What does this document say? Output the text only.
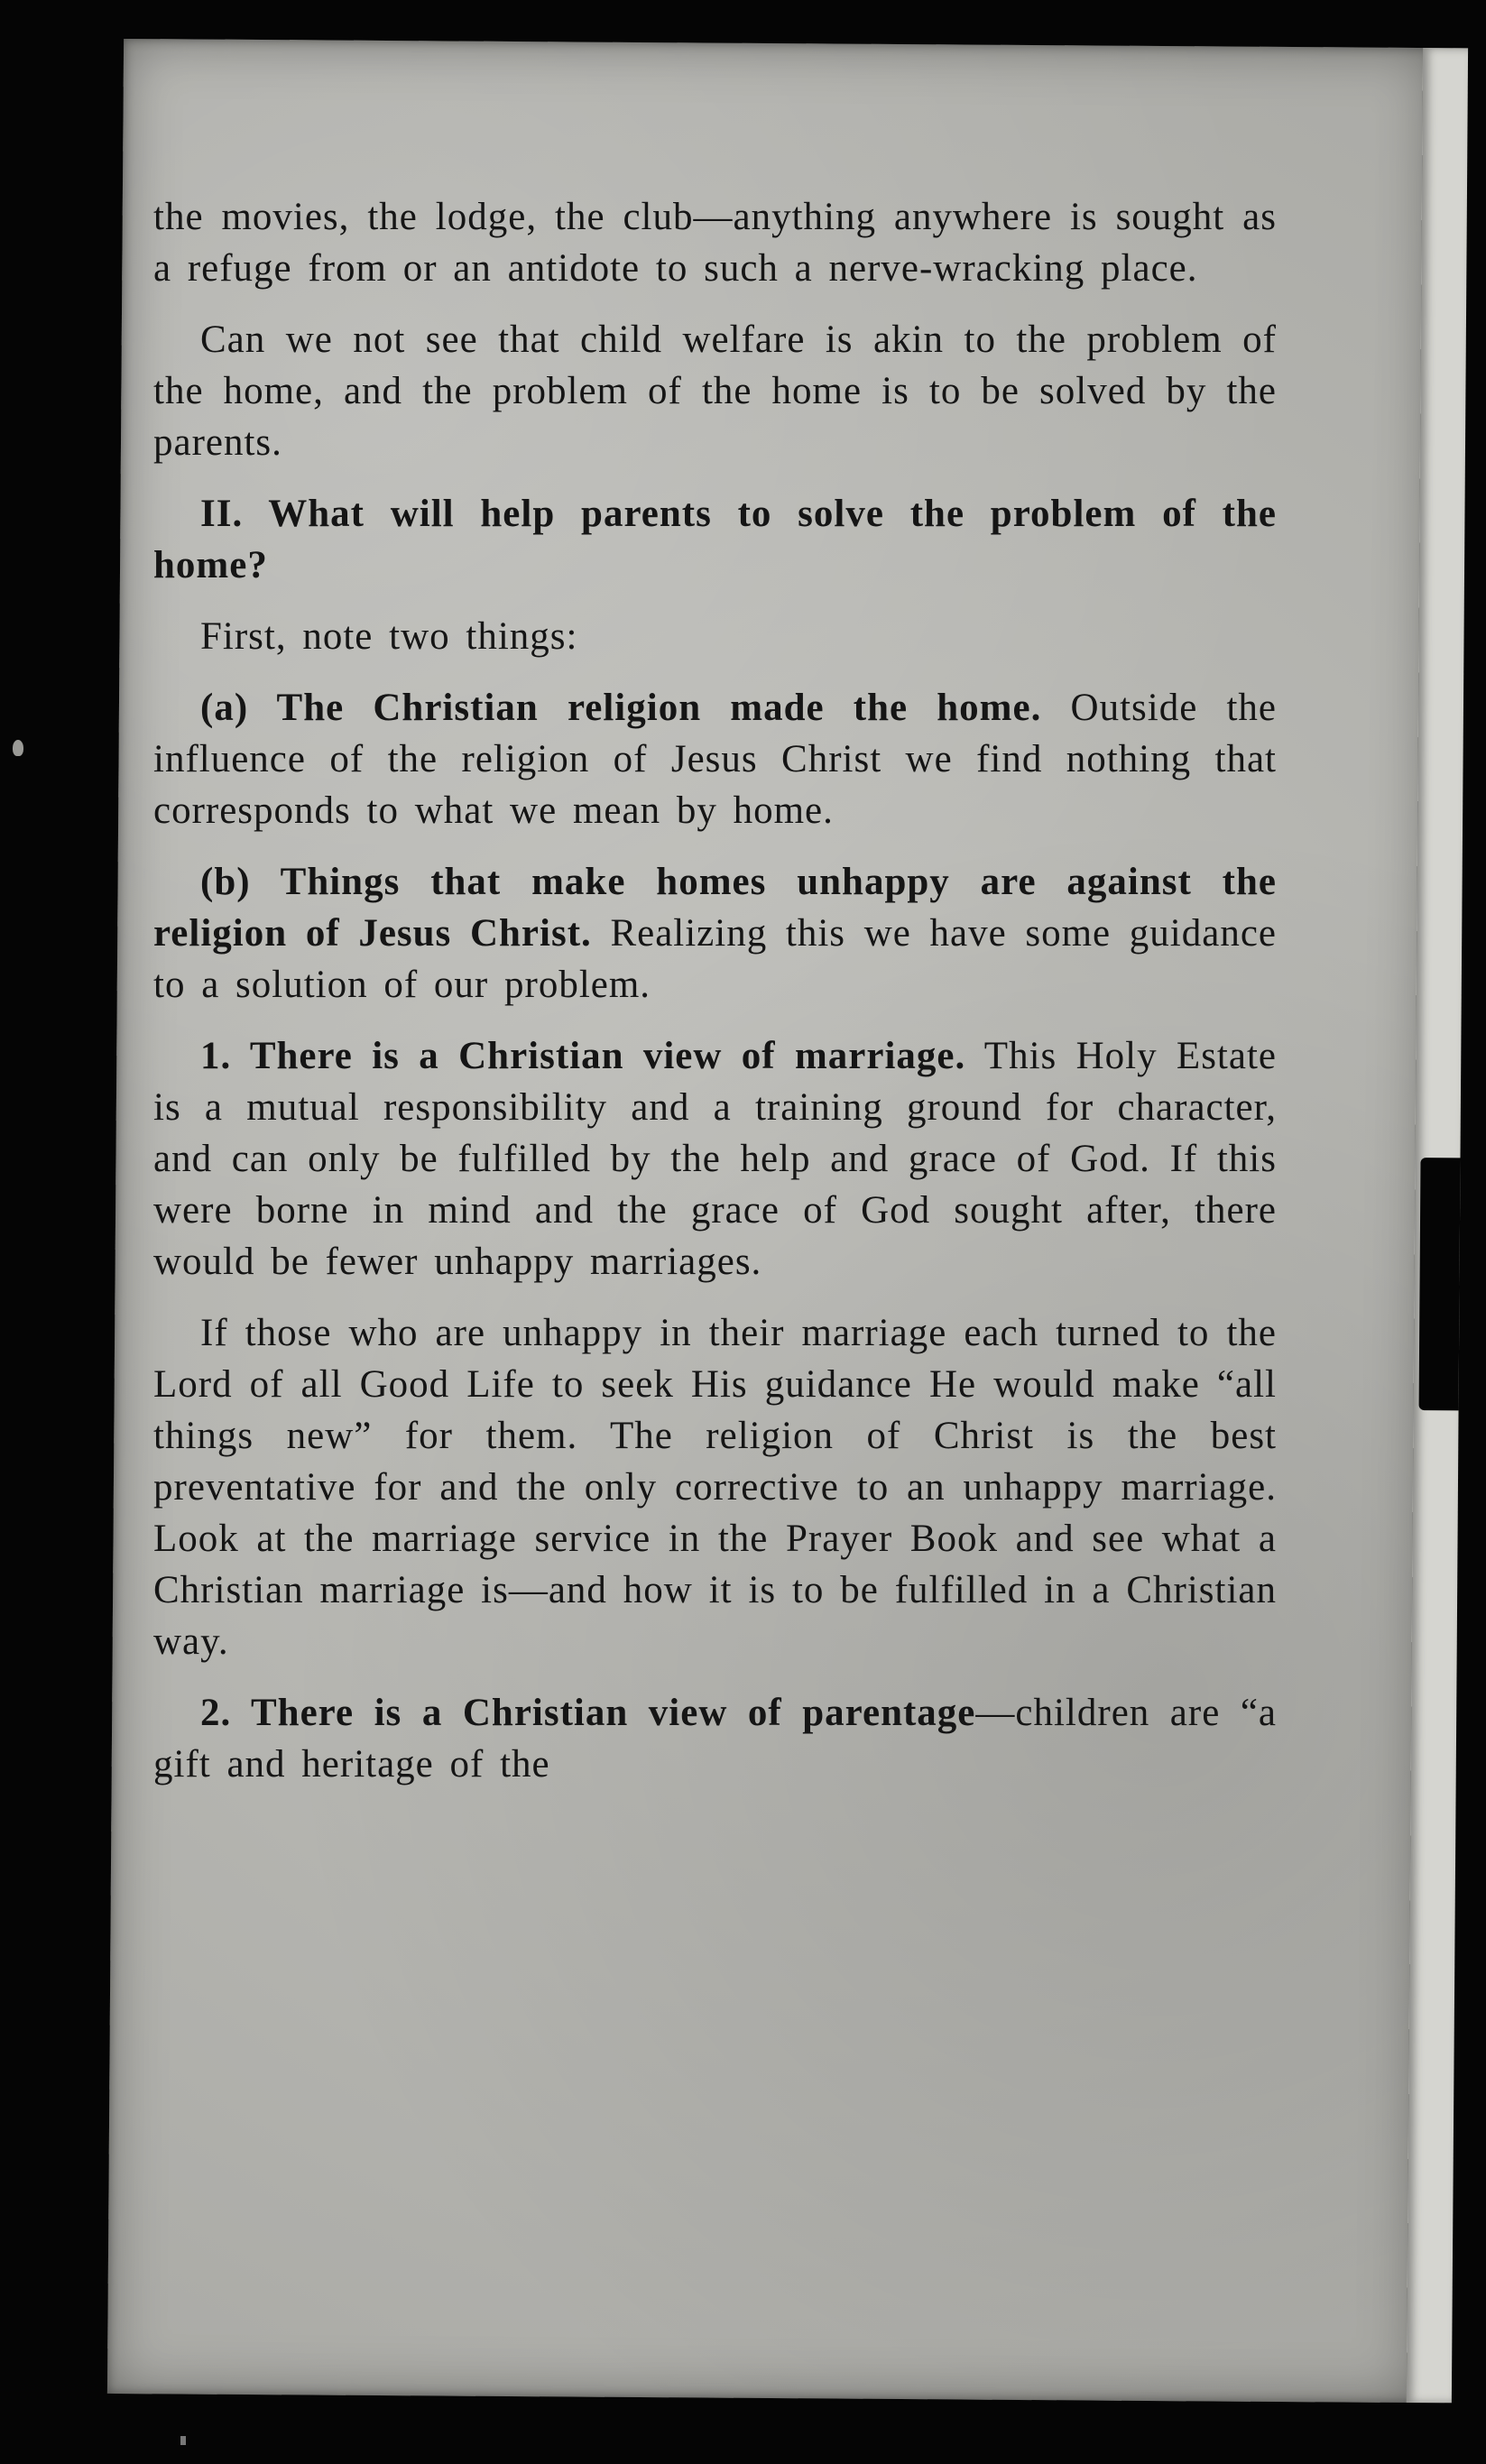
the movies, the lodge, the club—anything anywhere is sought as a refuge from or an antidote to such a nerve-wracking place.

Can we not see that child welfare is akin to the problem of the home, and the problem of the home is to be solved by the parents.

II. What will help parents to solve the problem of the home?

First, note two things:

(a) The Christian religion made the home. Outside the influence of the religion of Jesus Christ we find nothing that corresponds to what we mean by home.

(b) Things that make homes unhappy are against the religion of Jesus Christ. Realizing this we have some guidance to a solution of our problem.

1. There is a Christian view of marriage. This Holy Estate is a mutual responsibility and a training ground for character, and can only be fulfilled by the help and grace of God. If this were borne in mind and the grace of God sought after, there would be fewer unhappy marriages.

If those who are unhappy in their marriage each turned to the Lord of all Good Life to seek His guidance He would make “all things new” for them. The religion of Christ is the best preventative for and the only corrective to an unhappy marriage. Look at the marriage service in the Prayer Book and see what a Christian marriage is—and how it is to be fulfilled in a Christian way.

2. There is a Christian view of parentage—children are “a gift and heritage of the
